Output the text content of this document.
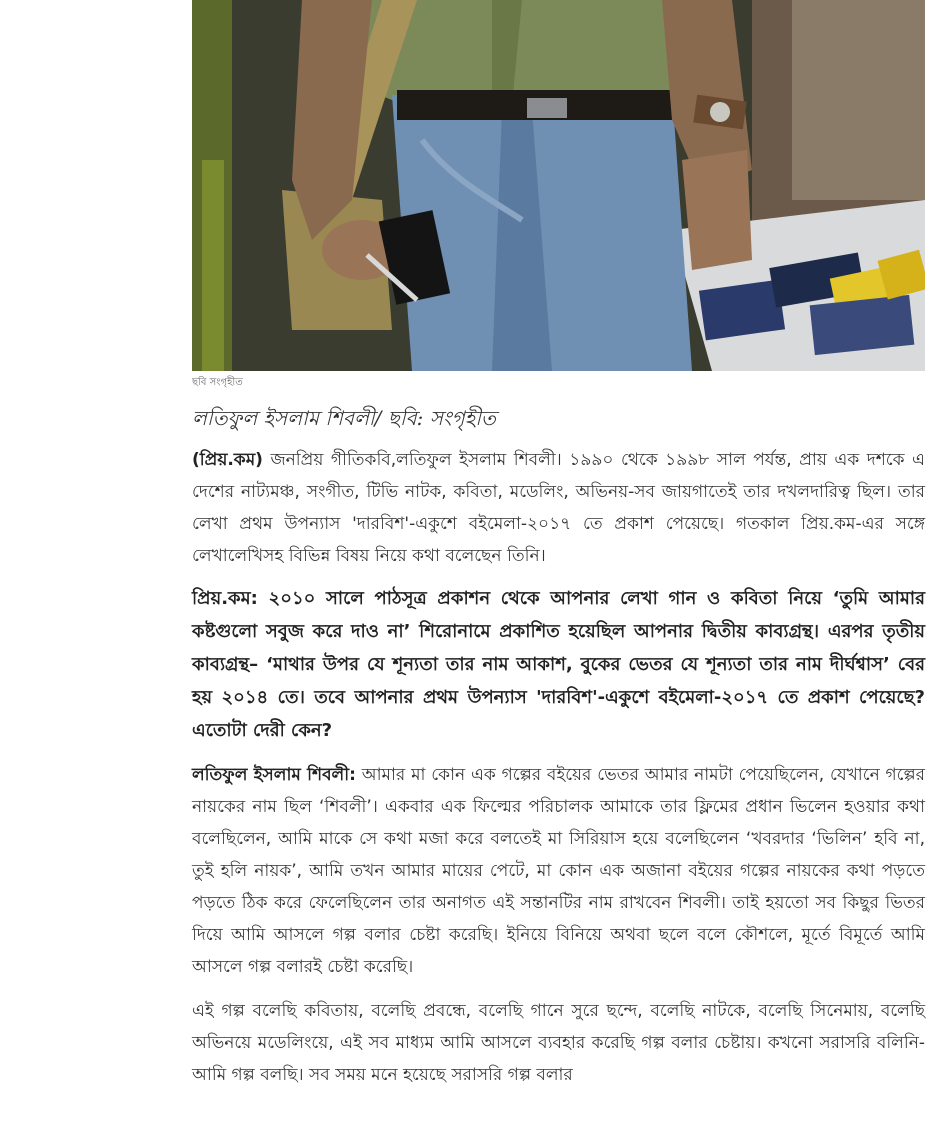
ছবি সংগৃহীত
লতিফুল ইসলাম শিবলী/ ছবি: সংগৃহীত

(প্রিয়.কম) জনপ্রিয় গীতিকবি,লতিফুল ইসলাম শিবলী। ১৯৯০ থেকে ১৯৯৮ সাল পর্যন্ত, প্রায় এক দশকে এ দেশের নাট্যমঞ্চ, সংগীত, টিভি নাটক, কবিতা, মডেলিং, অভিনয়-সব জায়গাতেই তার দখলদারিত্ব ছিল। তার লেখা প্রথম উপন্যাস 'দারবিশ'-একুশে বইমেলা-২০১৭ তে প্রকাশ পেয়েছে। গতকাল প্রিয়.কম-এর সঙ্গে লেখালেখিসহ বিভিন্ন বিষয় নিয়ে কথা বলেছেন তিনি।

প্রিয়.কম: ২০১০ সালে পাঠসূত্র প্রকাশন থেকে আপনার লেখা গান ও কবিতা নিয়ে ‘তুমি আমার কষ্টগুলো সবুজ করে দাও না’ শিরোনামে প্রকাশিত হয়েছিল আপনার দ্বিতীয় কাব্যগ্রন্থ। এরপর তৃতীয় কাব্যগ্রন্থ– ‘মাথার উপর যে শূন্যতা তার নাম আকাশ, বুকের ভেতর যে শূন্যতা তার নাম দীর্ঘশ্বাস’ বের হয় ২০১৪ তে। তবে আপনার প্রথম উপন্যাস 'দারবিশ'-একুশে বইমেলা-২০১৭ তে প্রকাশ পেয়েছে? এতোটা দেরী কেন?

লতিফুল ইসলাম শিবলী: আমার মা কোন এক গল্পের বইয়ের ভেতর আমার নামটা পেয়েছিলেন, যেখানে গল্পের নায়কের নাম ছিল ‘শিবলী’। একবার এক ফিল্মের পরিচালক আমাকে তার ফ্লিমের প্রধান ভিলেন হওয়ার কথা বলেছিলেন, আমি মাকে সে কথা মজা করে বলতেই মা সিরিয়াস হয়ে বলেছিলেন ‘খবরদার ‘ভিলিন’ হবি না, তুই হলি নায়ক’, আমি তখন আমার মায়ের পেটে, মা কোন এক অজানা বইয়ের গল্পের নায়কের কথা পড়তে পড়তে ঠিক করে ফেলেছিলেন তার অনাগত এই সন্তানটির নাম রাখবেন শিবলী। তাই হয়তো সব কিছুর ভিতর দিয়ে আমি আসলে গল্প বলার চেষ্টা করেছি। ইনিয়ে বিনিয়ে অথবা ছলে বলে কৌশলে, মূর্তে বিমূর্তে আমি আসলে গল্প বলারই চেষ্টা করেছি।

এই গল্প বলেছি কবিতায়, বলেছি প্রবন্ধে, বলেছি গানে সুরে ছন্দে, বলেছি নাটকে, বলেছি সিনেমায়, বলেছি অভিনয়ে মডেলিংয়ে, এই সব মাধ্যম আমি আসলে ব্যবহার করেছি গল্প বলার চেষ্টায়। কখনো সরাসরি বলিনি- আমি গল্প বলছি। সব সময় মনে হয়েছে সরাসরি গল্প বলার
